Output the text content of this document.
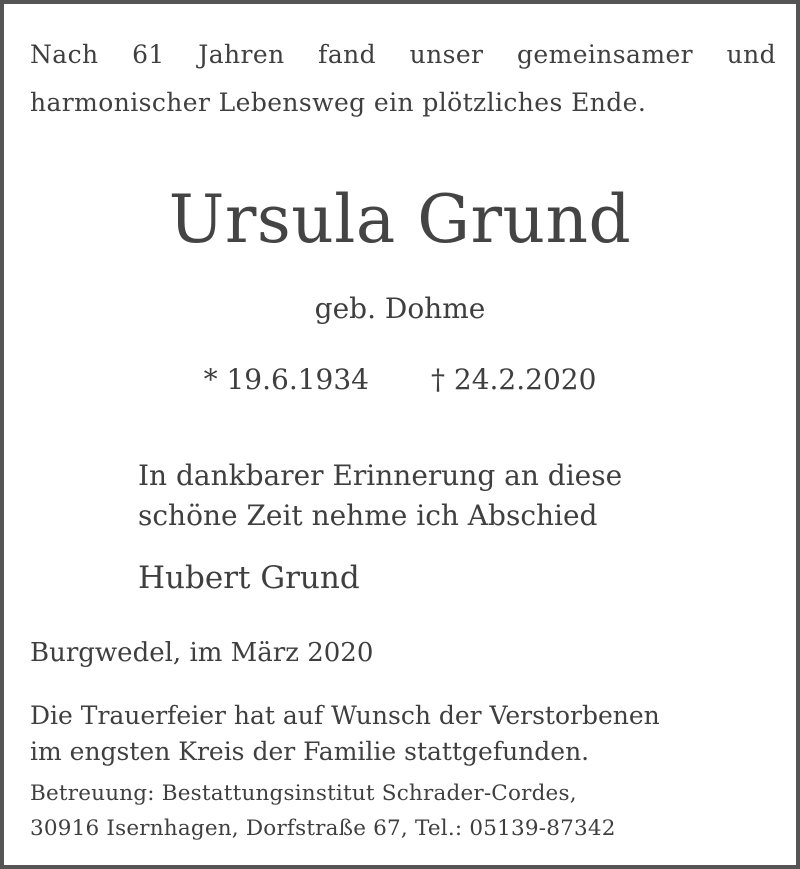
Nach 61 Jahren fand unser gemeinsamer und
harmonischer Lebensweg ein plötzliches Ende.
Ursula Grund
geb. Dohme
* 19.6.1934 † 24.2.2020
In dankbarer Erinnerung an diese
schöne Zeit nehme ich Abschied
Hubert Grund
Burgwedel, im März 2020
Die Trauerfeier hat auf Wunsch der Verstorbenen
im engsten Kreis der Familie stattgefunden.
Betreuung: Bestattungsinstitut Schrader-Cordes,
30916 Isernhagen, Dorfstraße 67, Tel.: 05139-87342
